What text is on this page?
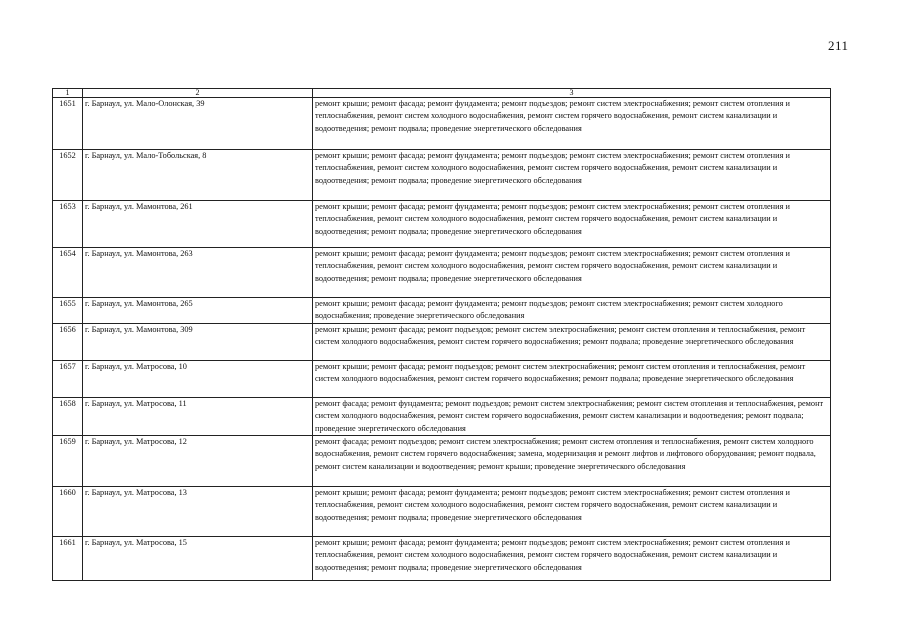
211
1	2	3
1651	г. Барнаул, ул. Мало-Олонская, 39	ремонт крыши; ремонт фасада; ремонт фундамента; ремонт подъездов; ремонт систем электроснабжения; ремонт систем отопления и теплоснабжения, ремонт систем холодного водоснабжения, ремонт систем горячего водоснабжения, ремонт систем канализации и водоотведения; ремонт подвала; проведение энергетического обследования
1652	г. Барнаул, ул. Мало-Тобольская, 8	ремонт крыши; ремонт фасада; ремонт фундамента; ремонт подъездов; ремонт систем электроснабжения; ремонт систем отопления и теплоснабжения, ремонт систем холодного водоснабжения, ремонт систем горячего водоснабжения, ремонт систем канализации и водоотведения; ремонт подвала; проведение энергетического обследования
1653	г. Барнаул, ул. Мамонтова, 261	ремонт крыши; ремонт фасада; ремонт фундамента; ремонт подъездов; ремонт систем электроснабжения; ремонт систем отопления и теплоснабжения, ремонт систем холодного водоснабжения, ремонт систем горячего водоснабжения, ремонт систем канализации и водоотведения; ремонт подвала; проведение энергетического обследования
1654	г. Барнаул, ул. Мамонтова, 263	ремонт крыши; ремонт фасада; ремонт фундамента; ремонт подъездов; ремонт систем электроснабжения; ремонт систем отопления и теплоснабжения, ремонт систем холодного водоснабжения, ремонт систем горячего водоснабжения, ремонт систем канализации и водоотведения; ремонт подвала; проведение энергетического обследования
1655	г. Барнаул, ул. Мамонтова, 265	ремонт крыши; ремонт фасада; ремонт фундамента; ремонт подъездов; ремонт систем электроснабжения; ремонт систем холодного водоснабжения; проведение энергетического обследования
1656	г. Барнаул, ул. Мамонтова, 309	ремонт крыши; ремонт фасада; ремонт подъездов; ремонт систем электроснабжения; ремонт систем отопления и теплоснабжения, ремонт систем холодного водоснабжения, ремонт систем горячего водоснабжения; ремонт подвала; проведение энергетического обследования
1657	г. Барнаул, ул. Матросова, 10	ремонт крыши; ремонт фасада; ремонт подъездов; ремонт систем электроснабжения; ремонт систем отопления и теплоснабжения, ремонт систем холодного водоснабжения, ремонт систем горячего водоснабжения; ремонт подвала; проведение энергетического обследования
1658	г. Барнаул, ул. Матросова, 11	ремонт фасада; ремонт фундамента; ремонт подъездов; ремонт систем электроснабжения; ремонт систем отопления и теплоснабжения, ремонт систем холодного водоснабжения, ремонт систем горячего водоснабжения, ремонт систем канализации и водоотведения; ремонт подвала; проведение энергетического обследования
1659	г. Барнаул, ул. Матросова, 12	ремонт фасада; ремонт подъездов; ремонт систем электроснабжения; ремонт систем отопления и теплоснабжения, ремонт систем холодного водоснабжения, ремонт систем горячего водоснабжения; замена, модернизация и ремонт лифтов и лифтового оборудования; ремонт подвала, ремонт систем канализации и водоотведения; ремонт крыши; проведение энергетического обследования
1660	г. Барнаул, ул. Матросова, 13	ремонт крыши; ремонт фасада; ремонт фундамента; ремонт подъездов; ремонт систем электроснабжения; ремонт систем отопления и теплоснабжения, ремонт систем холодного водоснабжения, ремонт систем горячего водоснабжения, ремонт систем канализации и водоотведения; ремонт подвала; проведение энергетического обследования
1661	г. Барнаул, ул. Матросова, 15	ремонт крыши; ремонт фасада; ремонт фундамента; ремонт подъездов; ремонт систем электроснабжения; ремонт систем отопления и теплоснабжения, ремонт систем холодного водоснабжения, ремонт систем горячего водоснабжения, ремонт систем канализации и водоотведения; ремонт подвала; проведение энергетического обследования
